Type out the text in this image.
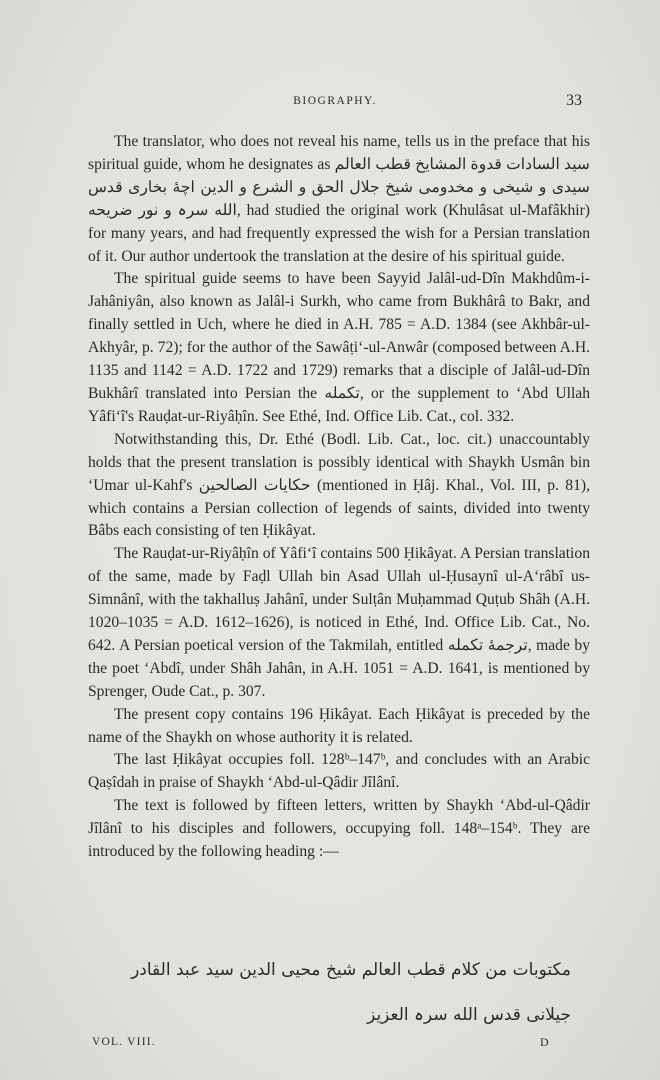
BIOGRAPHY.	33

The translator, who does not reveal his name, tells us in the preface that his spiritual guide, whom he designates as سید السادات قدوة المشایخ قطب العالم سیدی و شیخی و مخدومی شیخ جلال الحق و الشرع و الدین اچهٔ بخاری قدس الله سرہ و نور ضریحه, had studied the original work (Khulâsat ul-Mafâkhir) for many years, and had frequently expressed the wish for a Persian translation of it. Our author undertook the translation at the desire of his spiritual guide.

The spiritual guide seems to have been Sayyid Jalâl-ud-Dîn Makhdûm-i-Jahâniyân, also known as Jalâl-i Surkh, who came from Bukhârâ to Bakr, and finally settled in Uch, where he died in A.H. 785 = A.D. 1384 (see Akhbâr-ul-Akhyâr, p. 72); for the author of the Sawâṭiʻ-ul-Anwâr (composed between A.H. 1135 and 1142 = A.D. 1722 and 1729) remarks that a disciple of Jalâl-ud-Dîn Bukhârî translated into Persian the تکمله, or the supplement to ʻAbd Ullah Yâfiʻî's Rauḍat-ur-Riyâḥîn. See Ethé, Ind. Office Lib. Cat., col. 332.

Notwithstanding this, Dr. Ethé (Bodl. Lib. Cat., loc. cit.) unaccountably holds that the present translation is possibly identical with Shaykh Usmân bin ʻUmar ul-Kahf's حکایات الصالحین (mentioned in Ḥâj. Khal., Vol. III, p. 81), which contains a Persian collection of legends of saints, divided into twenty Bâbs each consisting of ten Ḥikâyat.

The Rauḍat-ur-Riyâḥîn of Yâfiʻî contains 500 Ḥikâyat. A Persian translation of the same, made by Faḍl Ullah bin Asad Ullah ul-Ḥusaynî ul-Aʻrâbî us-Simnânî, with the takhalluṣ Jahânî, under Sulṭân Muḥammad Quṭub Shâh (A.H. 1020–1035 = A.D. 1612–1626), is noticed in Ethé, Ind. Office Lib. Cat., No. 642. A Persian poetical version of the Takmilah, entitled ترجمهٔ تکمله, made by the poet ʻAbdî, under Shâh Jahân, in A.H. 1051 = A.D. 1641, is mentioned by Sprenger, Oude Cat., p. 307.

The present copy contains 196 Ḥikâyat. Each Ḥikâyat is preceded by the name of the Shaykh on whose authority it is related.

The last Ḥikâyat occupies foll. 128ᵇ–147ᵇ, and concludes with an Arabic Qaṣîdah in praise of Shaykh ʻAbd-ul-Qâdir Jîlânî.

The text is followed by fifteen letters, written by Shaykh ʻAbd-ul-Qâdir Jîlânî to his disciples and followers, occupying foll. 148ᵃ–154ᵇ. They are introduced by the following heading :—

مکتوبات من کلام قطب العالم شیخ محیی الدین سید عبد القادر
جیلانی قدس الله سرہ العزیز
VOL. VIII.	D
